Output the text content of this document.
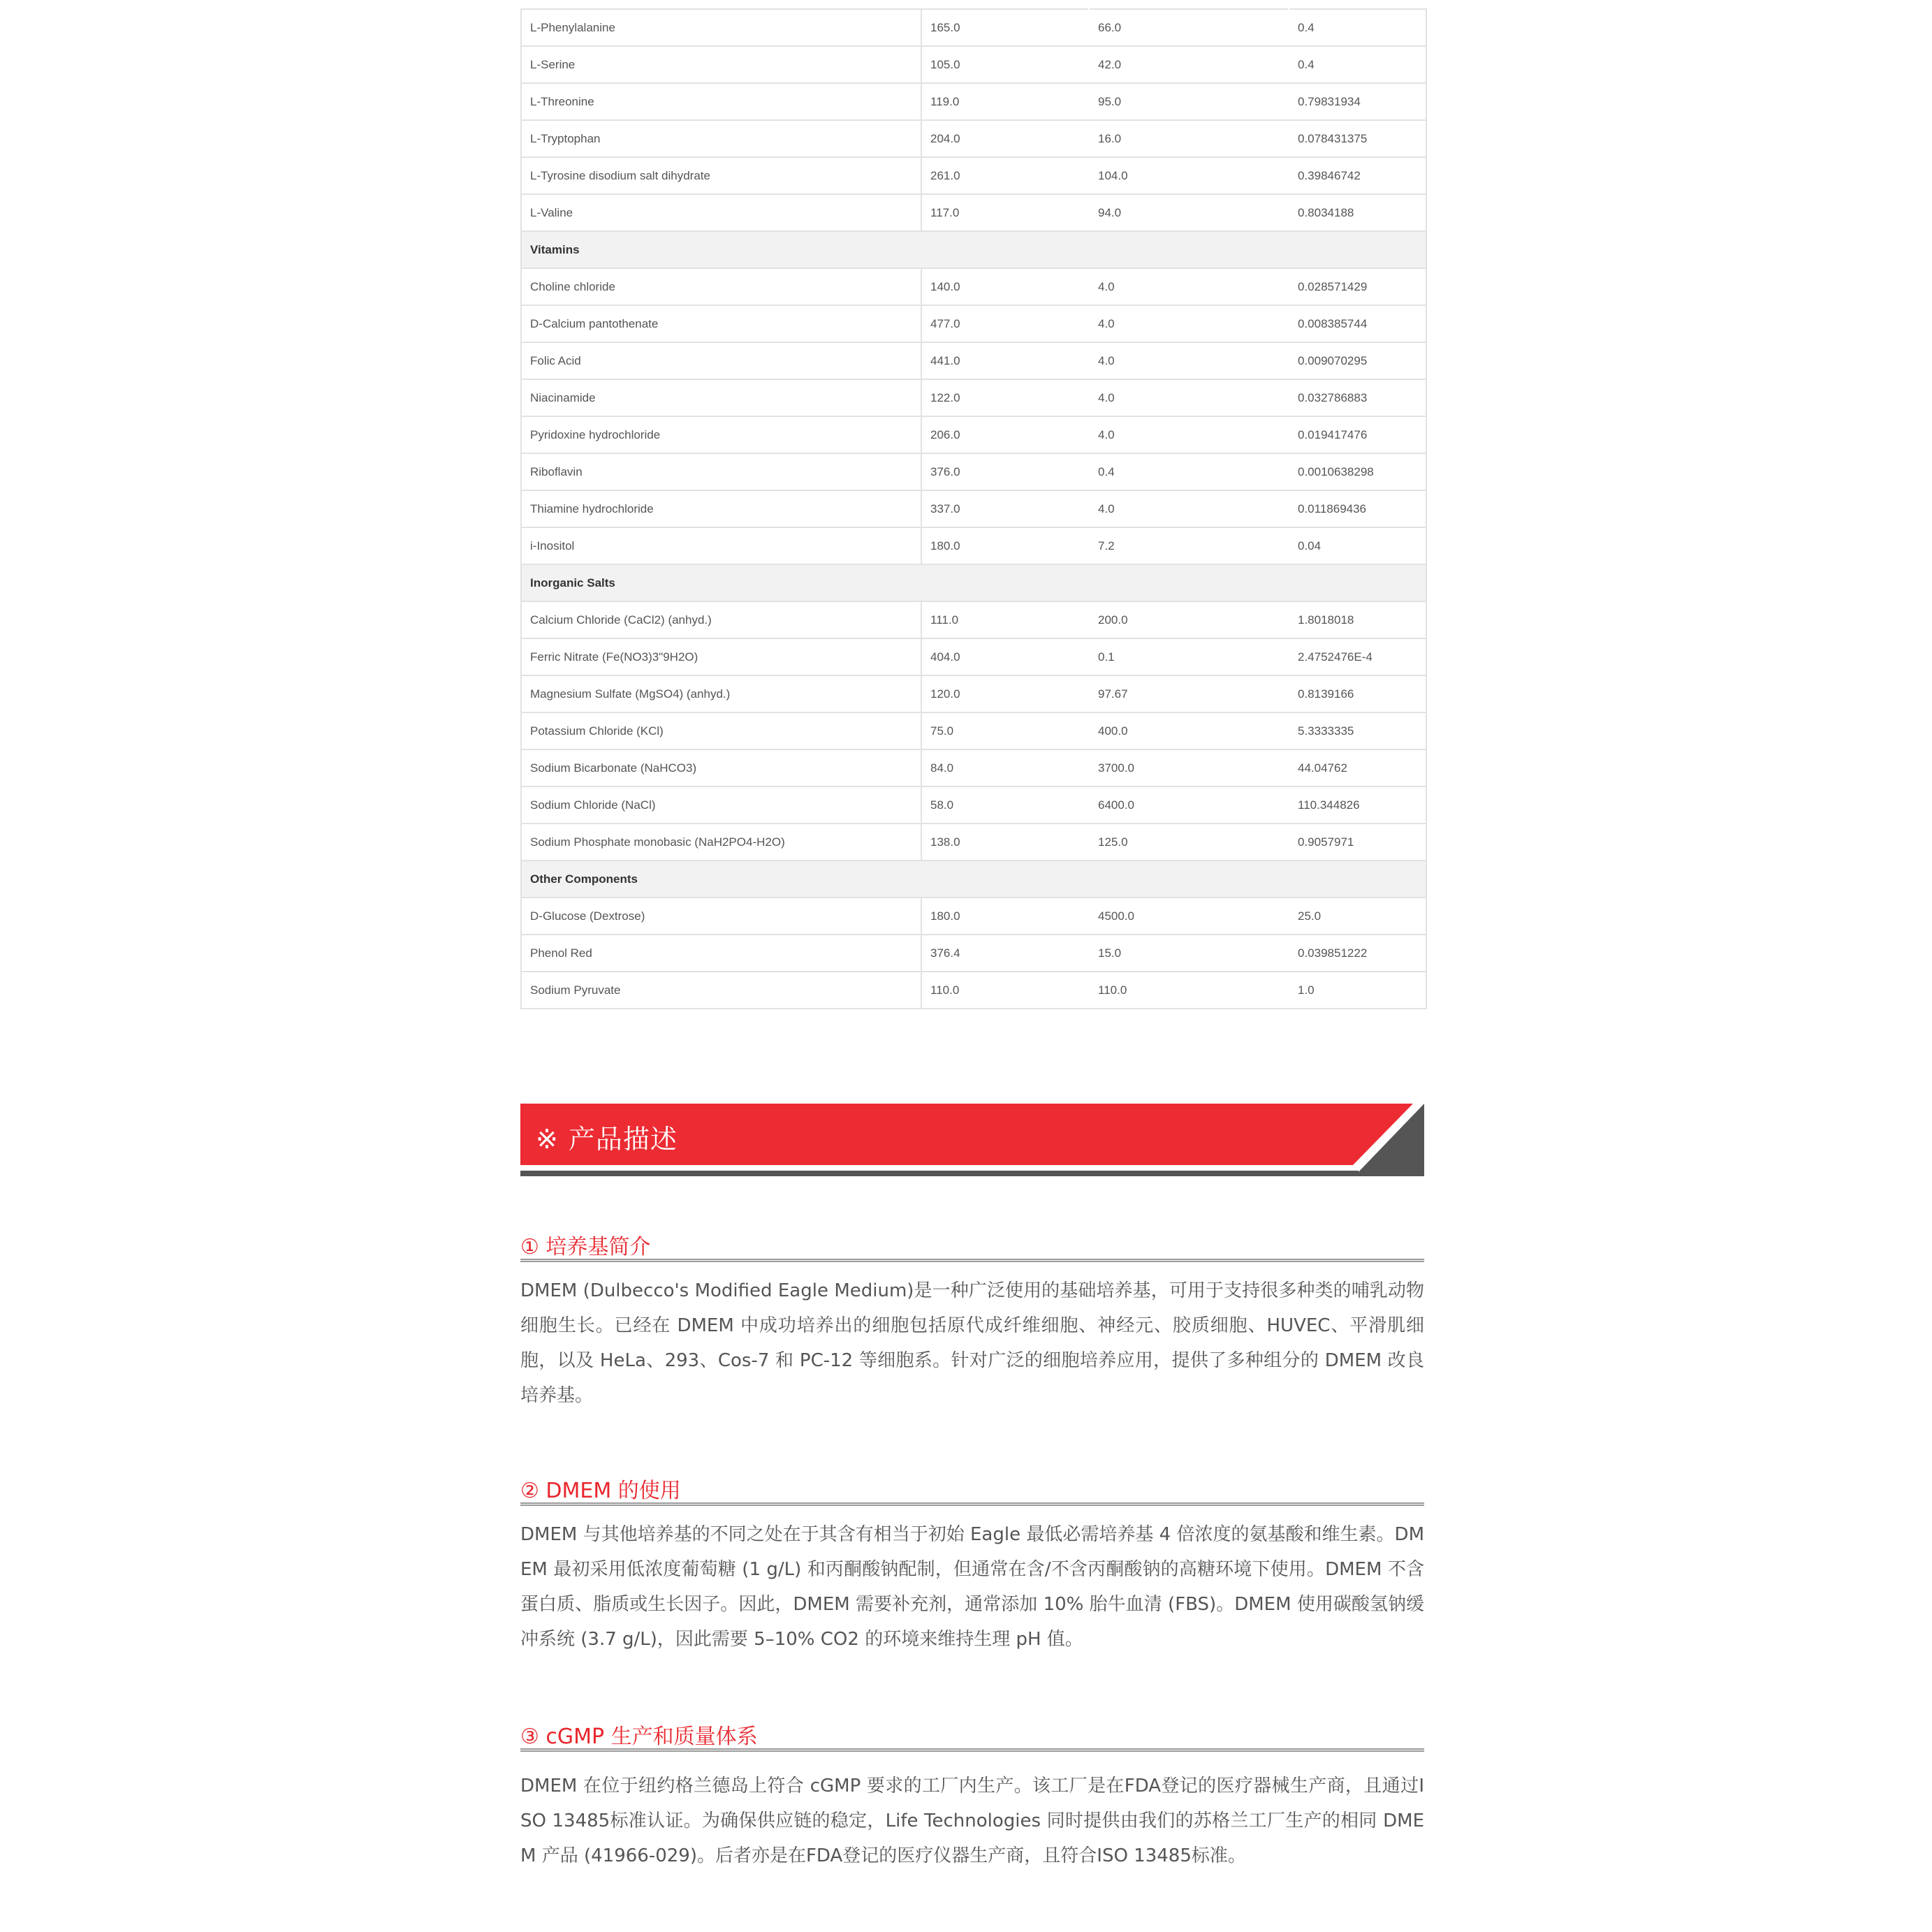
L-Phenylalanine	165.0	66.0	0.4
L-Serine	105.0	42.0	0.4
L-Threonine	119.0	95.0	0.79831934
L-Tryptophan	204.0	16.0	0.078431375
L-Tyrosine disodium salt dihydrate	261.0	104.0	0.39846742
L-Valine	117.0	94.0	0.8034188
Vitamins			
Choline chloride	140.0	4.0	0.028571429
D-Calcium pantothenate	477.0	4.0	0.008385744
Folic Acid	441.0	4.0	0.009070295
Niacinamide	122.0	4.0	0.032786883
Pyridoxine hydrochloride	206.0	4.0	0.019417476
Riboflavin	376.0	0.4	0.0010638298
Thiamine hydrochloride	337.0	4.0	0.011869436
i-Inositol	180.0	7.2	0.04
Inorganic Salts			
Calcium Chloride (CaCl2) (anhyd.)	111.0	200.0	1.8018018
Ferric Nitrate (Fe(NO3)3"9H2O)	404.0	0.1	2.4752476E-4
Magnesium Sulfate (MgSO4) (anhyd.)	120.0	97.67	0.8139166
Potassium Chloride (KCl)	75.0	400.0	5.3333335
Sodium Bicarbonate (NaHCO3)	84.0	3700.0	44.04762
Sodium Chloride (NaCl)	58.0	6400.0	110.344826
Sodium Phosphate monobasic (NaH2PO4-H2O)	138.0	125.0	0.9057971
Other Components			
D-Glucose (Dextrose)	180.0	4500.0	25.0
Phenol Red	376.4	15.0	0.039851222
Sodium Pyruvate	110.0	110.0	1.0
※ 产品描述
① 培养基简介

DMEM (Dulbecco's Modified Eagle Medium)是一种广泛使用的基础培养基，可用于支持很多种类的哺乳动物细胞生长。已经在 DMEM 中成功培养出的细胞包括原代成纤维细胞、神经元、胶质细胞、HUVEC、平滑肌细胞，以及 HeLa、293、Cos-7 和 PC-12 等细胞系。针对广泛的细胞培养应用，提供了多种组分的 DMEM 改良培养基。

② DMEM 的使用

DMEM 与其他培养基的不同之处在于其含有相当于初始 Eagle 最低必需培养基 4 倍浓度的氨基酸和维生素。DMEM 最初采用低浓度葡萄糖 (1 g/L) 和丙酮酸钠配制，但通常在含/不含丙酮酸钠的高糖环境下使用。DMEM 不含蛋白质、脂质或生长因子。因此，DMEM 需要补充剂，通常添加 10% 胎牛血清 (FBS)。DMEM 使用碳酸氢钠缓冲系统 (3.7 g/L)，因此需要 5–10% CO2 的环境来维持生理 pH 值。

③ cGMP 生产和质量体系

DMEM 在位于纽约格兰德岛上符合 cGMP 要求的工厂内生产。该工厂是在FDA登记的医疗器械生产商，且通过ISO 13485标准认证。为确保供应链的稳定，Life Technologies 同时提供由我们的苏格兰工厂生产的相同 DMEM 产品 (41966-029)。后者亦是在FDA登记的医疗仪器生产商，且符合ISO 13485标准。
